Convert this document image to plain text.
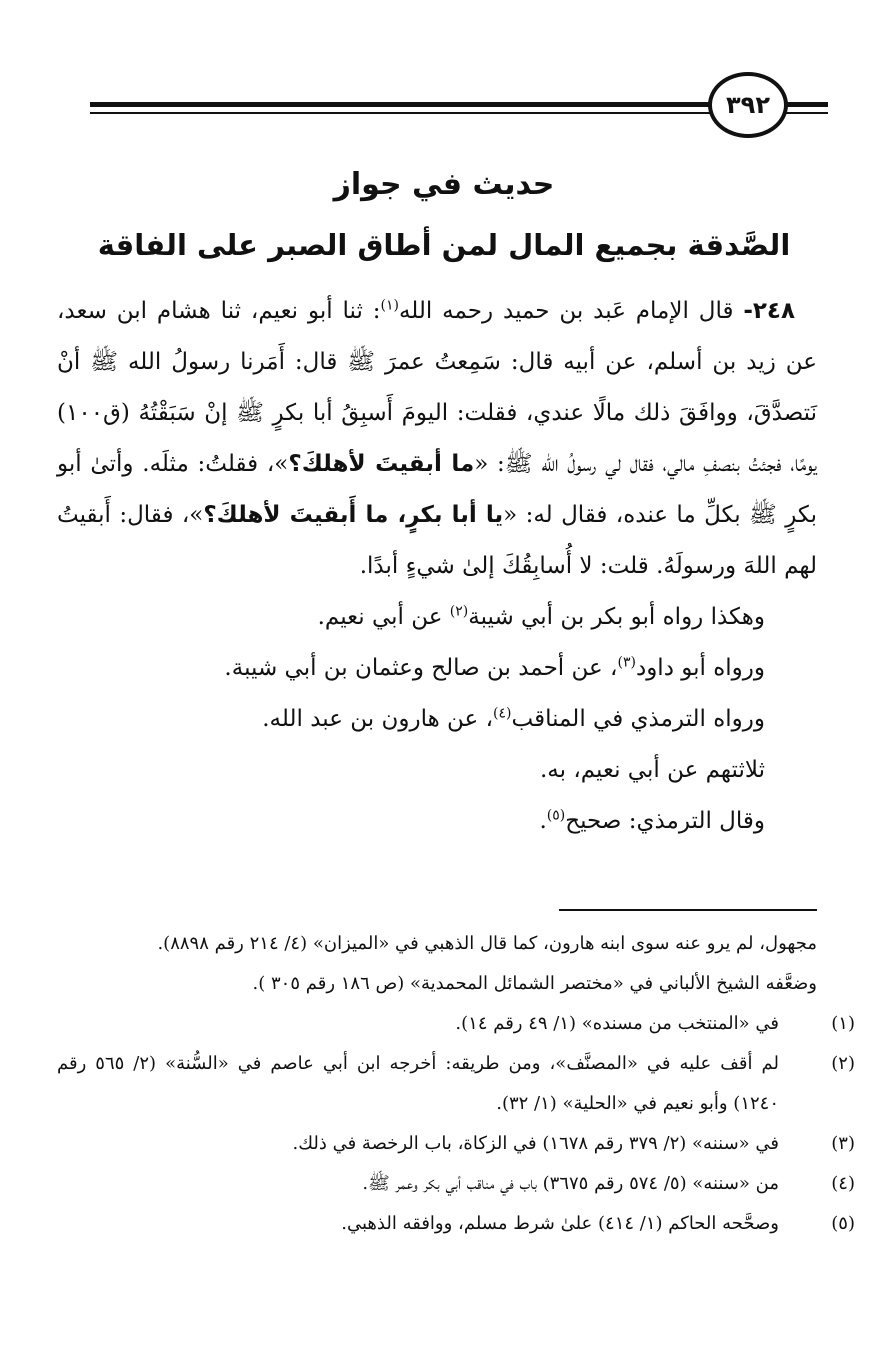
٣٩٢
حديث في جواز
الصَّدقة بجميع المال لمن أطاق الصبر على الفاقة

٢٤٨- قال الإمام عَبد بن حميد رحمه الله$^{(١)}$: ثنا أبو نعيم، ثنا هشام ابن سعد، عن زيد بن أسلم، عن أبيه قال: سَمِعتُ عمرَ ﷺ قال: أَمَرنا رسولُ الله ﷺ أنْ نَتصدَّقَ، ووافَقَ ذلك مالًا عندي، فقلت: اليومَ أَسبِقُ أبا بكرٍ ﷺ إنْ سَبَقْتُهُ (ق١٠٠) يومًا، فجئتُ بنصفِ مالي، فقال لي رسولُ الله ﷺ: «ما أبقيتَ لأهلكَ؟»، فقلتُ: مثلَه. وأتىٰ أبو بكرٍ ﷺ بكلِّ ما عنده، فقال له: «يا أبا بكرٍ، ما أَبقيتَ لأهلكَ؟»، فقال: أَبقيتُ لهم اللهَ ورسولَهُ. قلت: لا أُسابِقُكَ إلىٰ شيءٍ أبدًا.

وهكذا رواه أبو بكر بن أبي شيبة$^{(٢)}$ عن أبي نعيم.

ورواه أبو داود$^{(٣)}$، عن أحمد بن صالح وعثمان بن أبي شيبة.

ورواه الترمذي في المناقب$^{(٤)}$، عن هارون بن عبد الله.

ثلاثتهم عن أبي نعيم، به.

وقال الترمذي: صحيح$^{(٥)}$.

مجهول، لم يرو عنه سوى ابنه هارون، كما قال الذهبي في «الميزان» (٤/ ٢١٤ رقم ٨٨٩٨).

وضعَّفه الشيخ الألباني في «مختصر الشمائل المحمدية» (ص ١٨٦ رقم ٣٠٥ ).

(١)في «المنتخب من مسنده» (١/ ٤٩ رقم ١٤).

(٢)لم أقف عليه في «المصنَّف»، ومن طريقه: أخرجه ابن أبي عاصم في «السُّنة» (٢/ ٥٦٥ رقم ١٢٤٠) وأبو نعيم في «الحلية» (١/ ٣٢).

(٣)في «سننه» (٢/ ٣٧٩ رقم ١٦٧٨) في الزكاة، باب الرخصة في ذلك.

(٤)من «سننه» (٥/ ٥٧٤ رقم ٣٦٧٥) باب في مناقب أبي بكر وعمر ﷺ.

(٥)وصحَّحه الحاكم (١/ ٤١٤) علىٰ شرط مسلم، ووافقه الذهبي.
